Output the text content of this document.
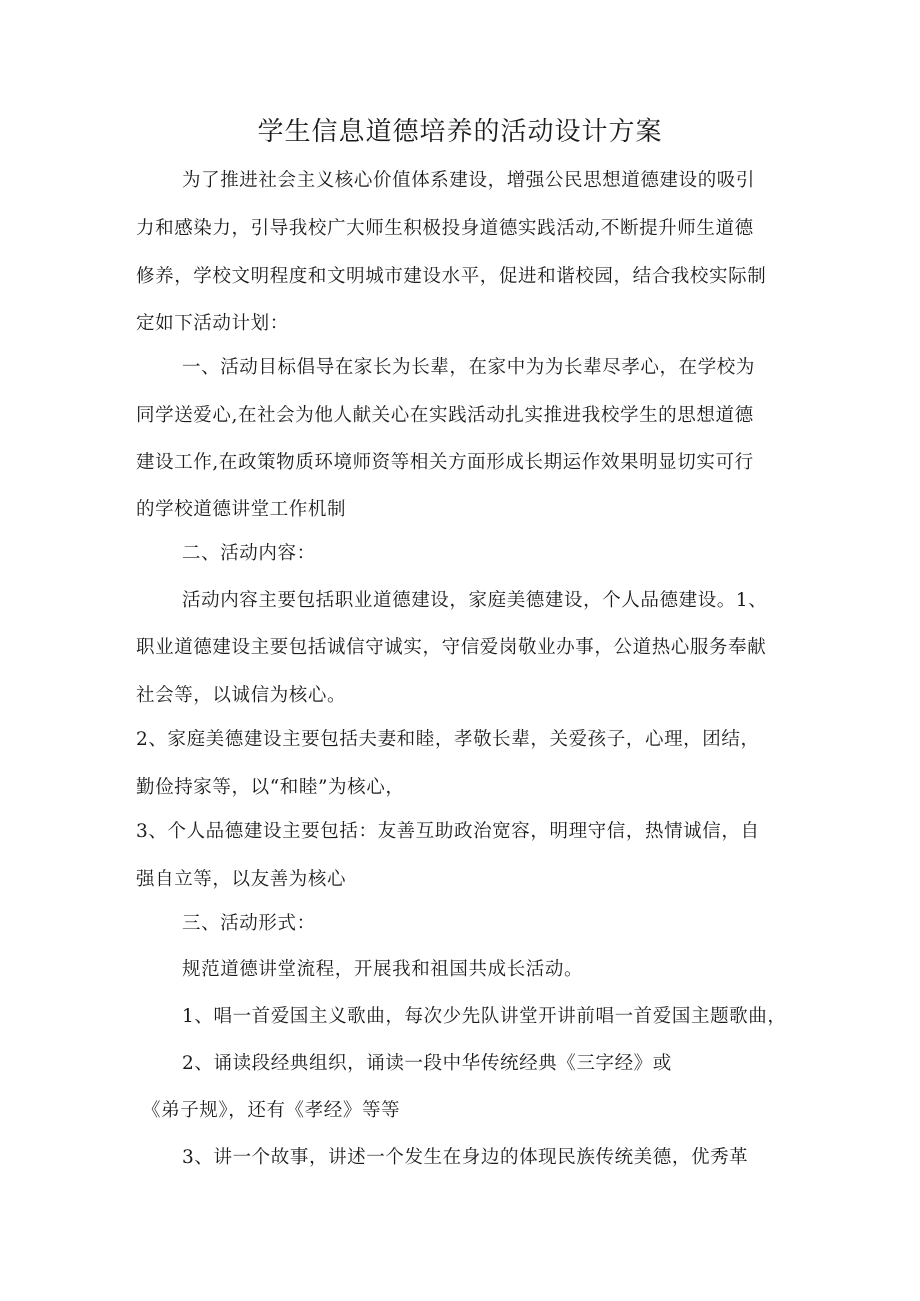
学生信息道德培养的活动设计方案
为了推进社会主义核心价值体系建设，增强公民思想道德建设的吸引
力和感染力，引导我校广大师生积极投身道德实践活动,不断提升师生道德
修养，学校文明程度和文明城市建设水平，促进和谐校园，结合我校实际制
定如下活动计划：
一、活动目标倡导在家长为长辈，在家中为为长辈尽孝心，在学校为
同学送爱心,在社会为他人献关心在实践活动扎实推进我校学生的思想道德
建设工作,在政策物质环境师资等相关方面形成长期运作效果明显切实可行
的学校道德讲堂工作机制
二、活动内容：
活动内容主要包括职业道德建设，家庭美德建设，个人品德建设。1、
职业道德建设主要包括诚信守诚实，守信爱岗敬业办事，公道热心服务奉献
社会等，以诚信为核心。
2、家庭美德建设主要包括夫妻和睦，孝敬长辈，关爱孩子，心理，团结，
勤俭持家等，以“和睦”为核心，
3、个人品德建设主要包括：友善互助政治宽容，明理守信，热情诚信，自
强自立等，以友善为核心
三、活动形式：
规范道德讲堂流程，开展我和祖国共成长活动。
1、唱一首爱国主义歌曲，每次少先队讲堂开讲前唱一首爱国主题歌曲，
2、诵读段经典组织，诵读一段中华传统经典《三字经》或
《弟子规》，还有《孝经》等等
3、讲一个故事，讲述一个发生在身边的体现民族传统美德，优秀革
